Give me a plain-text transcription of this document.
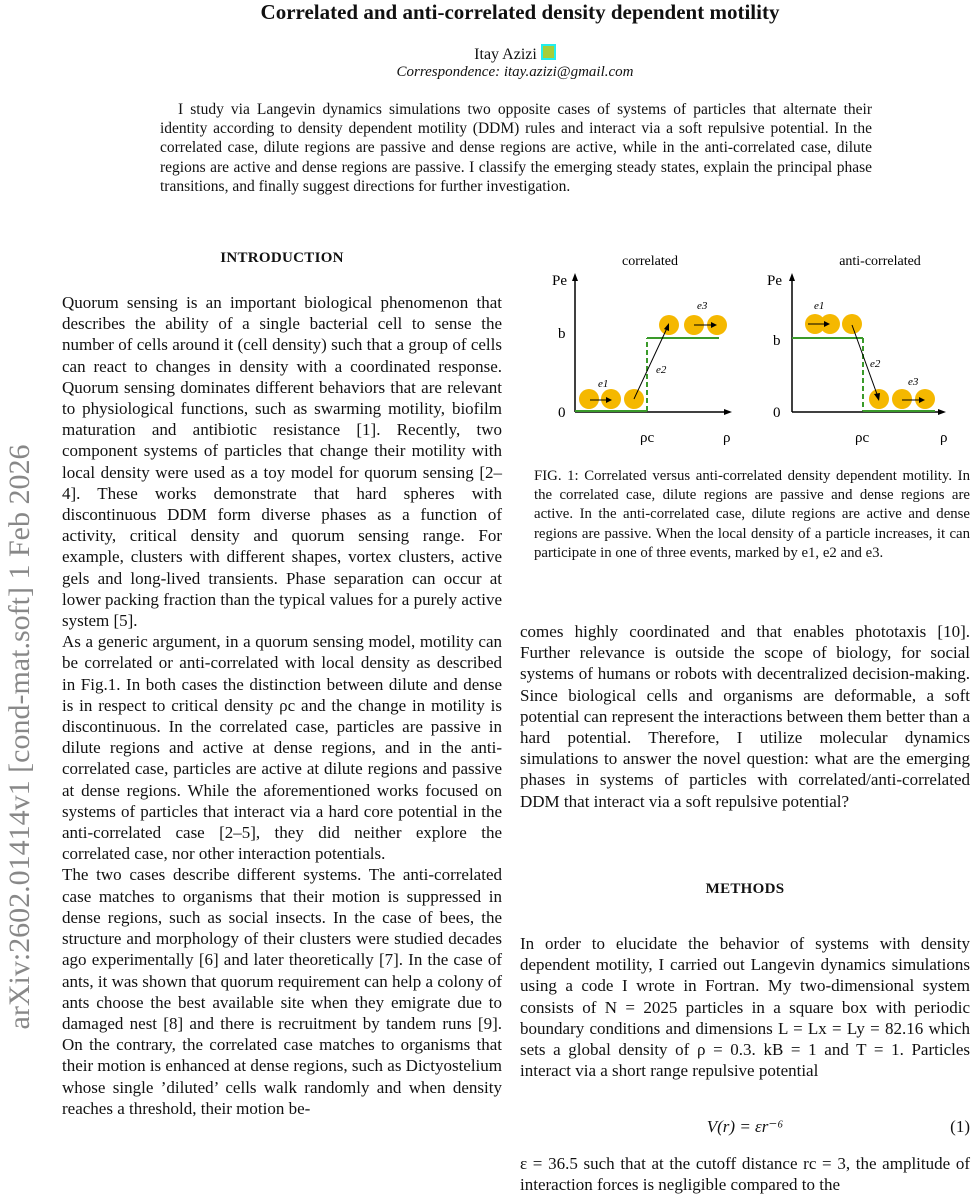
arXiv:2602.01414v1 [cond-mat.soft] 1 Feb 2026
Correlated and anti-correlated density dependent motility
Itay Azizi
Correspondence: itay.azizi@gmail.com
I study via Langevin dynamics simulations two opposite cases of systems of particles that alternate their identity according to density dependent motility (DDM) rules and interact via a soft repulsive potential. In the correlated case, dilute regions are passive and dense regions are active, while in the anti-correlated case, dilute regions are active and dense regions are passive. I classify the emerging steady states, explain the principal phase transitions, and finally suggest directions for further investigation.
INTRODUCTION

Quorum sensing is an important biological phenomenon that describes the ability of a single bacterial cell to sense the number of cells around it (cell density) such that a group of cells can react to changes in density with a coordinated response. Quorum sensing dominates different behaviors that are relevant to physiological functions, such as swarming motility, biofilm maturation and antibiotic resistance [1]. Recently, two component systems of particles that change their motility with local density were used as a toy model for quorum sensing [2–4]. These works demonstrate that hard spheres with discontinuous DDM form diverse phases as a function of activity, critical density and quorum sensing range. For example, clusters with different shapes, vortex clusters, active gels and long-lived transients. Phase separation can occur at lower packing fraction than the typical values for a purely active system [5].

As a generic argument, in a quorum sensing model, motility can be correlated or anti-correlated with local density as described in Fig.1. In both cases the distinction between dilute and dense is in respect to critical density ρc and the change in motility is discontinuous. In the correlated case, particles are passive in dilute regions and active at dense regions, and in the anti-correlated case, particles are active at dilute regions and passive at dense regions. While the aforementioned works focused on systems of particles that interact via a hard core potential in the anti-correlated case [2–5], they did neither explore the correlated case, nor other interaction potentials.

The two cases describe different systems. The anti-correlated case matches to organisms that their motion is suppressed in dense regions, such as social insects. In the case of bees, the structure and morphology of their clusters were studied decades ago experimentally [6] and later theoretically [7]. In the case of ants, it was shown that quorum requirement can help a colony of ants choose the best available site when they emigrate due to damaged nest [8] and there is recruitment by tandem runs [9]. On the contrary, the correlated case matches to organisms that their motion is enhanced at dense regions, such as Dictyostelium whose single ’diluted’ cells walk randomly and when density reaches a threshold, their motion be-

correlated
Pe
b
0
ρc	ρ
e1
e2
e3
anti-correlated
Pe
b
0
ρc	ρ
e1
e2
e3
FIG. 1: Correlated versus anti-correlated density dependent motility. In the correlated case, dilute regions are passive and dense regions are active. In the anti-correlated case, dilute regions are active and dense regions are passive. When the local density of a particle increases, it can participate in one of three events, marked by e1, e2 and e3.
comes highly coordinated and that enables phototaxis [10]. Further relevance is outside the scope of biology, for social systems of humans or robots with decentralized decision-making. Since biological cells and organisms are deformable, a soft potential can represent the interactions between them better than a hard potential. Therefore, I utilize molecular dynamics simulations to answer the novel question: what are the emerging phases in systems of particles with correlated/anti-correlated DDM that interact via a soft repulsive potential?
METHODS
In order to elucidate the behavior of systems with density dependent motility, I carried out Langevin dynamics simulations using a code I wrote in Fortran. My two-dimensional system consists of N = 2025 particles in a square box with periodic boundary conditions and dimensions L = Lx = Ly = 82.16 which sets a global density of ρ = 0.3. kB = 1 and T = 1. Particles interact via a short range repulsive potential
V(r) = εr⁻⁶	(1)
ε = 36.5 such that at the cutoff distance rc = 3, the amplitude of interaction forces is negligible compared to the
